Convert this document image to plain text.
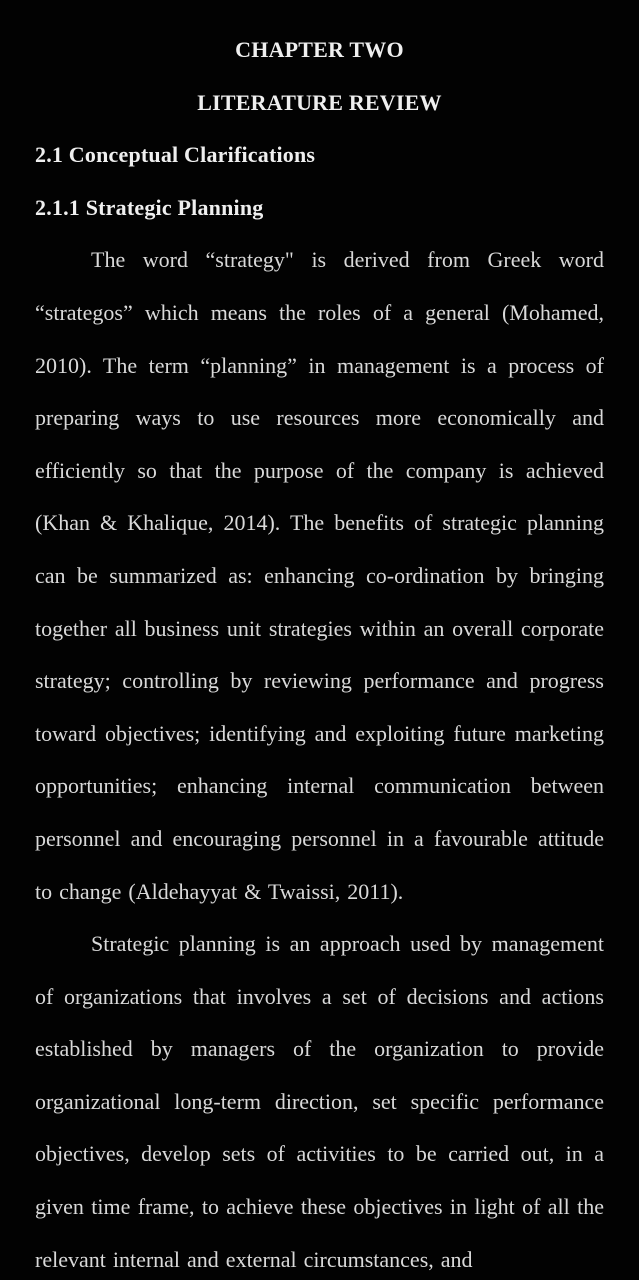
CHAPTER TWO
LITERATURE REVIEW
2.1 Conceptual Clarifications
2.1.1 Strategic Planning

The word “strategy" is derived from Greek word “strategos” which means the roles of a general (Mohamed, 2010). The term “planning” in management is a process of preparing ways to use resources more economically and efficiently so that the purpose of the company is achieved (Khan & Khalique, 2014). The benefits of strategic planning can be summarized as: enhancing co-ordination by bringing together all business unit strategies within an overall corporate strategy; controlling by reviewing performance and progress toward objectives; identifying and exploiting future marketing opportunities; enhancing internal communication between personnel and encouraging personnel in a favourable attitude to change (Aldehayyat & Twaissi, 2011).

Strategic planning is an approach used by management of organizations that involves a set of decisions and actions established by managers of the organization to provide organizational long-term direction, set specific performance objectives, develop sets of activities to be carried out, in a given time frame, to achieve these objectives in light of all the relevant internal and external circumstances, and
